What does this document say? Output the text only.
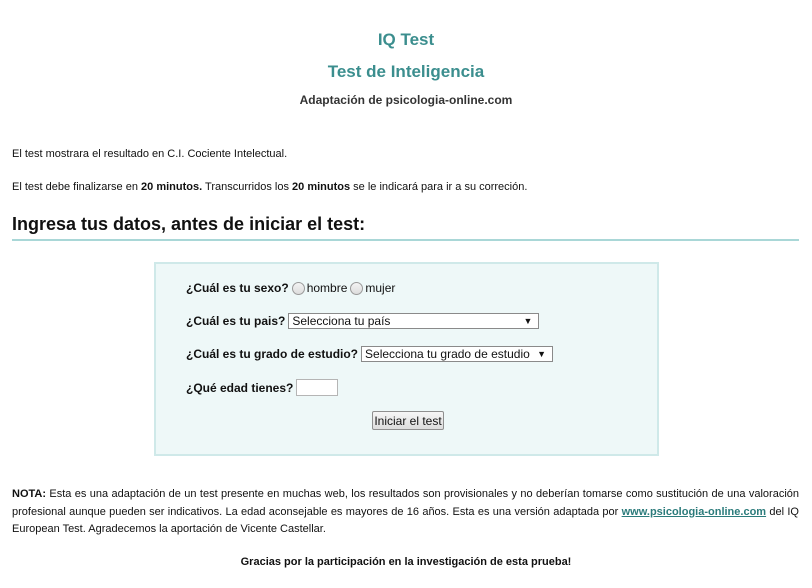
IQ Test
Test de Inteligencia
Adaptación de psicologia-online.com
El test mostrara el resultado en C.I. Cociente Intelectual.
El test debe finalizarse en 20 minutos. Transcurridos los 20 minutos se le indicará para ir a su correción.
Ingresa tus datos, antes de iniciar el test:
¿Cuál es tu sexo? hombre mujer
¿Cuál es tu pais? Selecciona tu país	▼
¿Cuál es tu grado de estudio? Selecciona tu grado de estudio ▼
¿Qué edad tienes?
Iniciar el test
NOTA: Esta es una adaptación de un test presente en muchas web, los resultados son provisionales y no deberían tomarse como sustitución de una valoración profesional aunque pueden ser indicativos. La edad aconsejable es mayores de 16 años. Esta es una versión adaptada por www.psicologia-online.com del IQ European Test. Agradecemos la aportación de Vicente Castellar.
Gracias por la participación en la investigación de esta prueba!
